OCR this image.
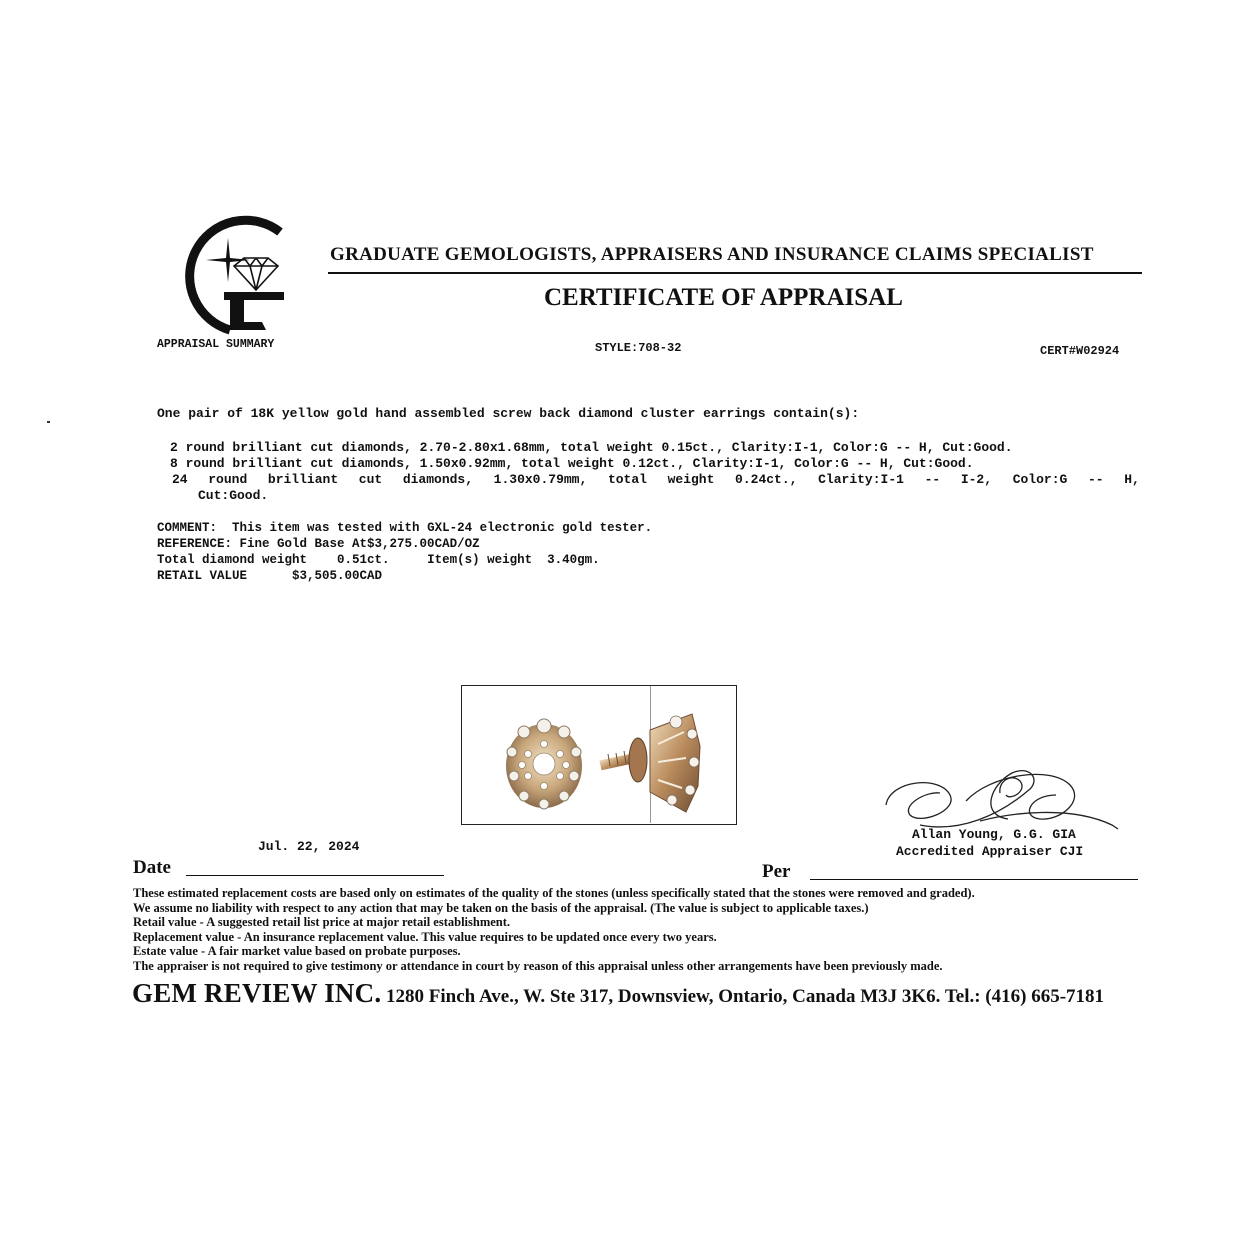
GRADUATE GEMOLOGISTS, APPRAISERS AND INSURANCE CLAIMS SPECIALIST
CERTIFICATE OF APPRAISAL
APPRAISAL SUMMARY	STYLE:708-32	CERT#W02924
One pair of 18K yellow gold hand assembled screw back diamond cluster earrings contain(s):
2 round brilliant cut diamonds, 2.70-2.80x1.68mm, total weight 0.15ct., Clarity:I-1, Color:G -- H, Cut:Good.
8 round brilliant cut diamonds, 1.50x0.92mm, total weight 0.12ct., Clarity:I-1, Color:G -- H, Cut:Good.
24 round brilliant cut diamonds, 1.30x0.79mm, total weight 0.24ct., Clarity:I-1 -- I-2, Color:G -- H,
Cut:Good.
COMMENT: This item was tested with GXL-24 electronic gold tester.
REFERENCE: Fine Gold Base At$3,275.00CAD/OZ
Total diamond weight 0.51ct.	Item(s) weight 3.40gm.
RETAIL VALUE	$3,505.00CAD
Allan Young, G.G. GIA
Accredited Appraiser CJI
Jul. 22, 2024
Date	Per
These estimated replacement costs are based only on estimates of the quality of the stones (unless specifically stated that the stones were removed and graded).
We assume no liability with respect to any action that may be taken on the basis of the appraisal. (The value is subject to applicable taxes.)
Retail value - A suggested retail list price at major retail establishment.
Replacement value - An insurance replacement value. This value requires to be updated once every two years.
Estate value - A fair market value based on probate purposes.
The appraiser is not required to give testimony or attendance in court by reason of this appraisal unless other arrangements have been previously made.
GEM REVIEW INC. 1280 Finch Ave., W. Ste 317, Downsview, Ontario, Canada M3J 3K6. Tel.: (416) 665-7181
